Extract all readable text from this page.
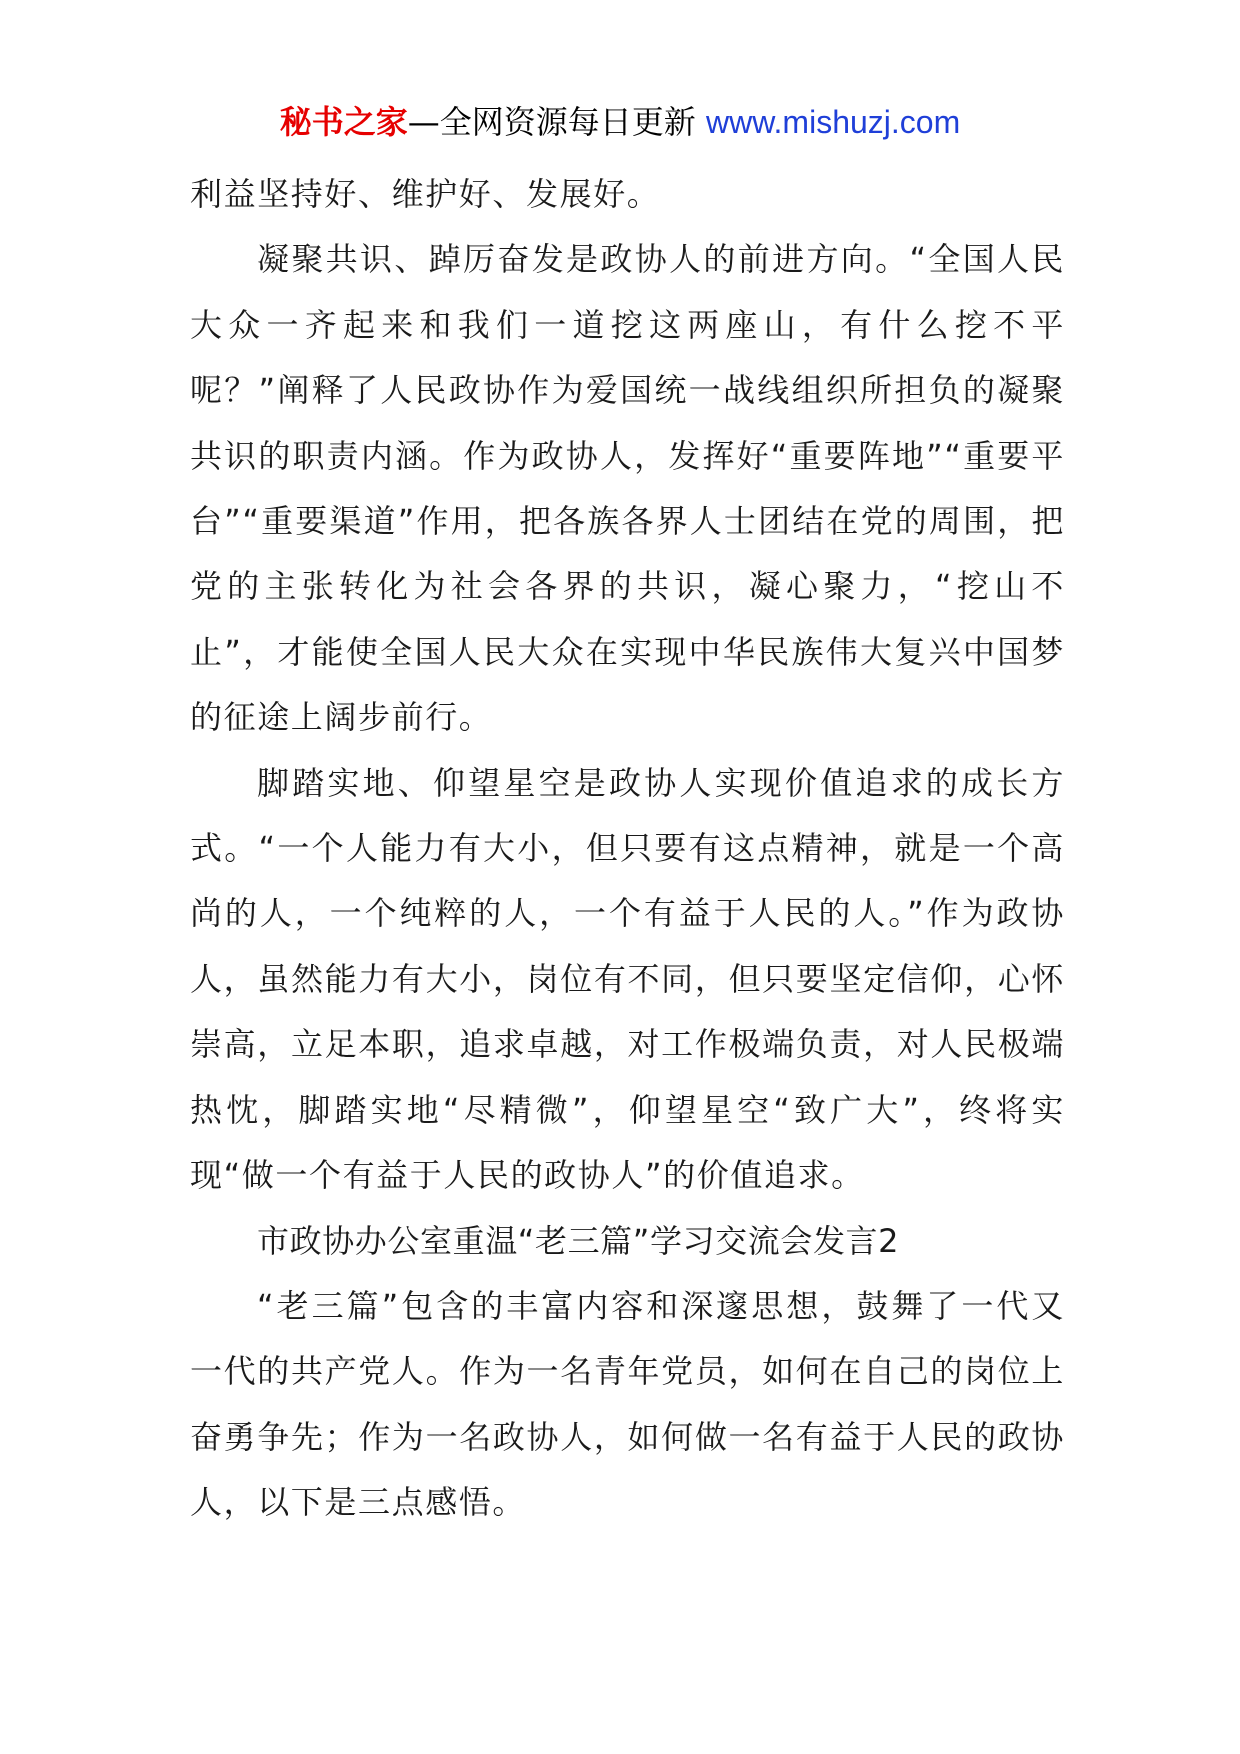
秘书之家—全网资源每日更新 www.mishuzj.com

利益坚持好、维护好、发展好。

凝聚共识、踔厉奋发是政协人的前进方向。“全国人民大众一齐起来和我们一道挖这两座山，有什么挖不平呢？”阐释了人民政协作为爱国统一战线组织所担负的凝聚共识的职责内涵。作为政协人，发挥好“重要阵地”“重要平台”“重要渠道”作用，把各族各界人士团结在党的周围，把党的主张转化为社会各界的共识，凝心聚力，“挖山不止”，才能使全国人民大众在实现中华民族伟大复兴中国梦的征途上阔步前行。

脚踏实地、仰望星空是政协人实现价值追求的成长方式。“一个人能力有大小，但只要有这点精神，就是一个高尚的人，一个纯粹的人，一个有益于人民的人。”作为政协人，虽然能力有大小，岗位有不同，但只要坚定信仰，心怀崇高，立足本职，追求卓越，对工作极端负责，对人民极端热忱，脚踏实地“尽精微”，仰望星空“致广大”，终将实现“做一个有益于人民的政协人”的价值追求。

市政协办公室重温“老三篇”学习交流会发言2

“老三篇”包含的丰富内容和深邃思想，鼓舞了一代又一代的共产党人。作为一名青年党员，如何在自己的岗位上奋勇争先；作为一名政协人，如何做一名有益于人民的政协人，以下是三点感悟。
